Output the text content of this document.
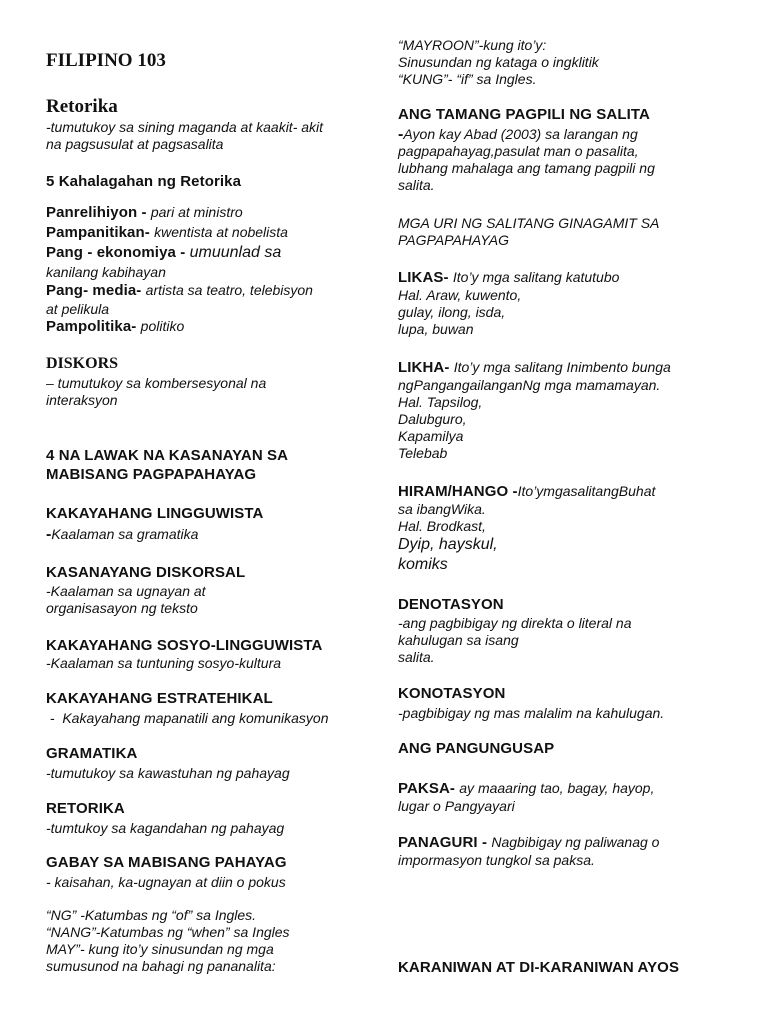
FILIPINO 103
Retorika
-tumutukoy sa sining maganda at kaakit- akit
na pagsusulat at pagsasalita
5 Kahalagahan ng Retorika
Panrelihiyon - pari at ministro
Pampanitikan- kwentista at nobelista
Pang - ekonomiya - umuunlad sa
kanilang kabihayan
Pang- media- artista sa teatro, telebisyon
at pelikula
Pampolitika- politiko
DISKORS
– tumutukoy sa kombersesyonal na
interaksyon
4 NA LAWAK NA KASANAYAN SA
MABISANG PAGPAPAHAYAG
KAKAYAHANG LINGGUWISTA
-Kaalaman sa gramatika
KASANAYANG DISKORSAL
-Kaalaman sa ugnayan at
organisasayon ng teksto
KAKAYAHANG SOSYO-LINGGUWISTA
-Kaalaman sa tuntuning sosyo-kultura
KAKAYAHANG ESTRATEHIKAL
-  Kakayahang mapanatili ang komunikasyon
GRAMATIKA
-tumutukoy sa kawastuhan ng pahayag
RETORIKA
-tumtukoy sa kagandahan ng pahayag
GABAY SA MABISANG PAHAYAG
- kaisahan, ka-ugnayan at diin o pokus
“NG” -Katumbas ng “of” sa Ingles.
“NANG”-Katumbas ng “when” sa Ingles
MAY”- kung ito’y sinusundan ng mga
sumusunod na bahagi ng pananalita:
“MAYROON”-kung ito’y:
Sinusundan ng kataga o ingklitik
“KUNG”- “if” sa Ingles.
ANG TAMANG PAGPILI NG SALITA
-Ayon kay Abad (2003) sa larangan ng
pagpapahayag,pasulat man o pasalita,
lubhang mahalaga ang tamang pagpili ng
salita.
MGA URI NG SALITANG GINAGAMIT SA
PAGPAPAHAYAG
LIKAS- Ito’y mga salitang katutubo
Hal. Araw, kuwento,
gulay, ilong, isda,
lupa, buwan
LIKHA- Ito’y mga salitang Inimbento bunga
ngPangangailanganNg mga mamamayan.
Hal. Tapsilog,
Dalubguro,
Kapamilya
Telebab
HIRAM/HANGO -Ito’ymgasalitangBuhat
sa ibangWika.
Hal. Brodkast,
Dyip, hayskul,
komiks
DENOTASYON
-ang pagbibigay ng direkta o literal na
kahulugan sa isang
salita.
KONOTASYON
-pagbibigay ng mas malalim na kahulugan.
ANG PANGUNGUSAP
PAKSA- ay maaaring tao, bagay, hayop,
lugar o Pangyayari
PANAGURI - Nagbibigay ng paliwanag o
impormasyon tungkol sa paksa.
KARANIWAN AT DI-KARANIWAN AYOS
